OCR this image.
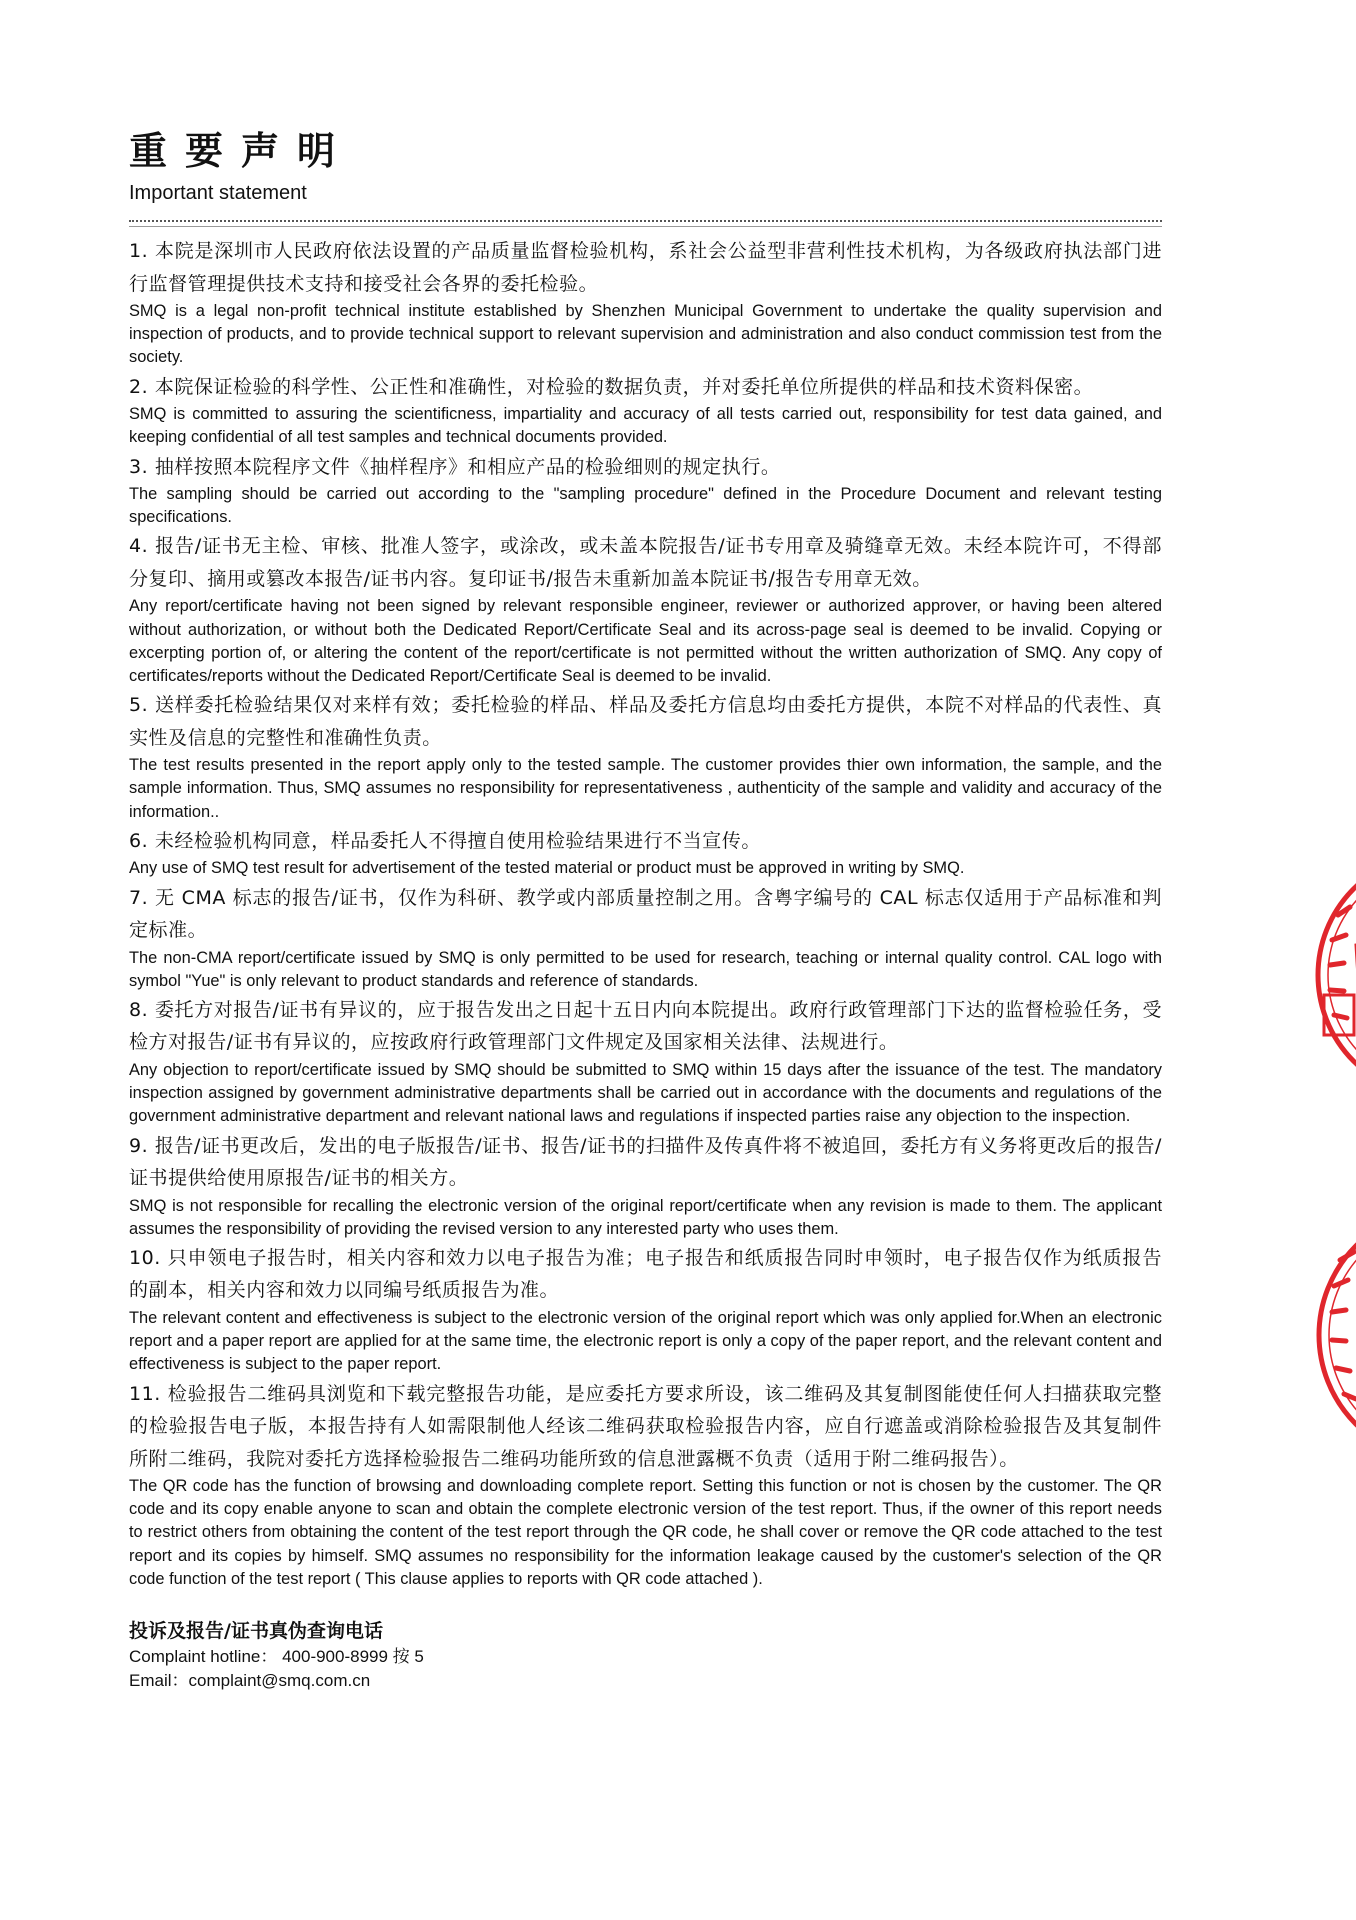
重要声明
Important statement

1. 本院是深圳市人民政府依法设置的产品质量监督检验机构，系社会公益型非营利性技术机构，为各级政府执法部门进行监督管理提供技术支持和接受社会各界的委托检验。

SMQ is a legal non-profit technical institute established by Shenzhen Municipal Government to undertake the quality supervision and inspection of products, and to provide technical support to relevant supervision and administration and also conduct commission test from the society.

2. 本院保证检验的科学性、公正性和准确性，对检验的数据负责，并对委托单位所提供的样品和技术资料保密。

SMQ is committed to assuring the scientificness, impartiality and accuracy of all tests carried out, responsibility for test data gained, and keeping confidential of all test samples and technical documents provided.

3. 抽样按照本院程序文件《抽样程序》和相应产品的检验细则的规定执行。

The sampling should be carried out according to the "sampling procedure" defined in the Procedure Document and relevant testing specifications.

4. 报告/证书无主检、审核、批准人签字，或涂改，或未盖本院报告/证书专用章及骑缝章无效。未经本院许可，不得部分复印、摘用或篡改本报告/证书内容。复印证书/报告未重新加盖本院证书/报告专用章无效。

Any report/certificate having not been signed by relevant responsible engineer, reviewer or authorized approver, or having been altered without authorization, or without both the Dedicated Report/Certificate Seal and its across-page seal is deemed to be invalid. Copying or excerpting portion of, or altering the content of the report/certificate is not permitted without the written authorization of SMQ. Any copy of certificates/reports without the Dedicated Report/Certificate Seal is deemed to be invalid.

5. 送样委托检验结果仅对来样有效；委托检验的样品、样品及委托方信息均由委托方提供，本院不对样品的代表性、真实性及信息的完整性和准确性负责。

The test results presented in the report apply only to the tested sample. The customer provides thier own information, the sample, and the sample information. Thus, SMQ assumes no responsibility for representativeness , authenticity of the sample and validity and accuracy of the information..

6. 未经检验机构同意，样品委托人不得擅自使用检验结果进行不当宣传。

Any use of SMQ test result for advertisement of the tested material or product must be approved in writing by SMQ.

7. 无 CMA 标志的报告/证书，仅作为科研、教学或内部质量控制之用。含粤字编号的 CAL 标志仅适用于产品标准和判定标准。

The non-CMA report/certificate issued by SMQ is only permitted to be used for research, teaching or internal quality control. CAL logo with symbol "Yue" is only relevant to product standards and reference of standards.

8. 委托方对报告/证书有异议的，应于报告发出之日起十五日内向本院提出。政府行政管理部门下达的监督检验任务，受检方对报告/证书有异议的，应按政府行政管理部门文件规定及国家相关法律、法规进行。

Any objection to report/certificate issued by SMQ should be submitted to SMQ within 15 days after the issuance of the test. The mandatory inspection assigned by government administrative departments shall be carried out in accordance with the documents and regulations of the government administrative department and relevant national laws and regulations if inspected parties raise any objection to the inspection.

9. 报告/证书更改后，发出的电子版报告/证书、报告/证书的扫描件及传真件将不被追回，委托方有义务将更改后的报告/证书提供给使用原报告/证书的相关方。

SMQ is not responsible for recalling the electronic version of the original report/certificate when any revision is made to them. The applicant assumes the responsibility of providing the revised version to any interested party who uses them.

10. 只申领电子报告时，相关内容和效力以电子报告为准；电子报告和纸质报告同时申领时，电子报告仅作为纸质报告的副本，相关内容和效力以同编号纸质报告为准。

The relevant content and effectiveness is subject to the electronic version of the original report which was only applied for.When an electronic report and a paper report are applied for at the same time, the electronic report is only a copy of the paper report, and the relevant content and effectiveness is subject to the paper report.

11. 检验报告二维码具浏览和下载完整报告功能，是应委托方要求所设，该二维码及其复制图能使任何人扫描获取完整的检验报告电子版，本报告持有人如需限制他人经该二维码获取检验报告内容，应自行遮盖或消除检验报告及其复制件所附二维码，我院对委托方选择检验报告二维码功能所致的信息泄露概不负责（适用于附二维码报告）。

The QR code has the function of browsing and downloading complete report. Setting this function or not is chosen by the customer. The QR code and its copy enable anyone to scan and obtain the complete electronic version of the test report. Thus, if the owner of this report needs to restrict others from obtaining the content of the test report through the QR code, he shall cover or remove the QR code attached to the test report and its copies by himself. SMQ assumes no responsibility for the information leakage caused by the customer's selection of the QR code function of the test report ( This clause applies to reports with QR code attached ).

投诉及报告/证书真伪查询电话

Complaint hotline： 400-900-8999 按 5

Email：complaint@smq.com.cn
